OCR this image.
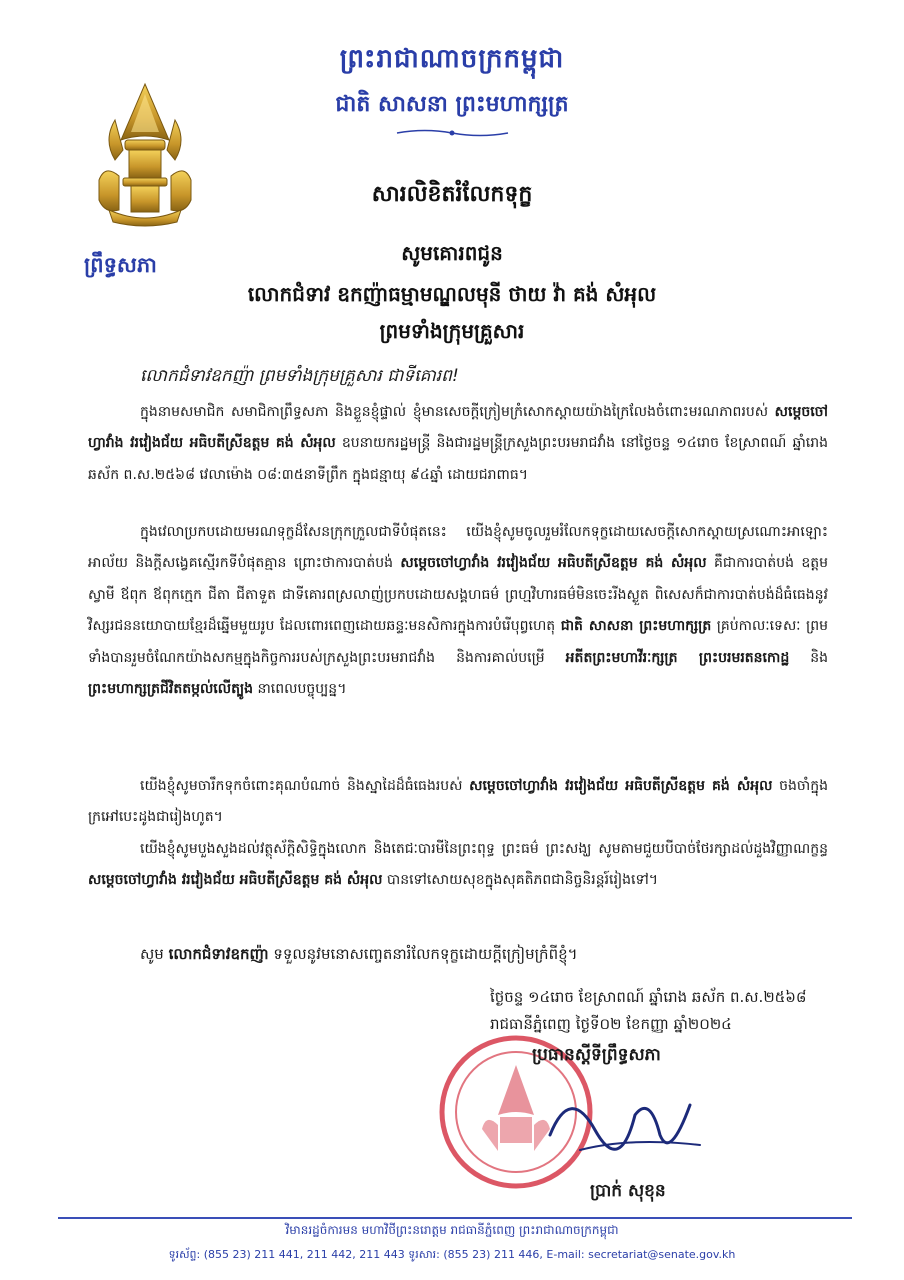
ព្រះរាជាណាចក្រកម្ពុជា
ជាតិ សាសនា ព្រះមហាក្សត្រ
ព្រឹទ្ធសភា
សារលិខិតរំលែកទុក្ខ
សូមគោរពជូន
លោកជំទាវ ឧកញ៉ាធម្មាមណ្ឌលមុនី ថាយ វ៉ា គង់ សំអុល
ព្រមទាំងក្រុមគ្រួសារ
លោកជំទាវឧកញ៉ា ព្រមទាំងក្រុមគ្រួសារ ជាទីគោរព!
ក្នុងនាមសមាជិក សមាជិកាព្រឹទ្ធសភា និងខ្លួនខ្ញុំផ្ទាល់ ខ្ញុំមានសេចក្ដីក្រៀមក្រំសោកស្ដាយយ៉ាងក្រៃលែងចំពោះមរណភាពរបស់ សម្តេចចៅហ្វាវាំង វរវៀងជ័យ អធិបតីស្រីឧត្តម គង់ សំអុល ឧបនាយករដ្ឋមន្ត្រី និងជារដ្ឋមន្ត្រីក្រសួងព្រះបរមរាជវាំង នៅថ្ងៃចន្ទ ១៤រោច ខែស្រាពណ៍ ឆ្នាំរោង ឆស័ក ព.ស.២៥៦៨ វេលាម៉ោង ០៨:៣៥នាទីព្រឹក ក្នុងជន្មាយុ ៩៤ឆ្នាំ ដោយជរាពាធ។
ក្នុងវេលាប្រកបដោយមរណទុក្ខដ៏សែនក្រុកក្រួលជាទីបំផុតនេះ យើងខ្ញុំសូមចូលរួមរំលែកទុក្ខដោយសេចក្ដីសោកស្ដាយស្រណោះអាឡោះអាល័យ និងក្ដីសង្វេគស្មើរកទីបំផុតគ្មាន ព្រោះថាការបាត់បង់ សម្តេចចៅហ្វាវាំង វរវៀងជ័យ អធិបតីស្រីឧត្តម គង់ សំអុល គឺជាការបាត់បង់ ឧត្តមស្វាមី ឪពុក ឪពុកក្មេក ជីតា ជីតាទួត ជាទីគោរពស្រលាញ់ប្រកបដោយសង្គហធម៌ ព្រហ្មវិហារធម៌មិនចេះរីងស្ងួត ពិសេសក៏ជាការបាត់បង់ដ៏ធំធេងនូវវិស្សរជននយោបាយខ្មែរដ៏ឆ្នើមមួយរូប ដែលពោរពេញដោយឆន្ទៈមនសិការក្នុងការបំរើបុព្វហេតុ ជាតិ សាសនា ព្រះមហាក្សត្រ គ្រប់កាលៈទេសៈ ព្រមទាំងបានរួមចំណែកយ៉ាងសកម្មក្នុងកិច្ចការរបស់ក្រសួងព្រះបរមរាជវាំង និងការគាល់បម្រើ អតីតព្រះមហាវីរៈក្សត្រ ព្រះបរមរតនកោដ្ឋ និង ព្រះមហាក្សត្រជីវិតតម្កល់លើត្បូង នាពេលបច្ចុប្បន្ន។
យើងខ្ញុំសូមចារឹកទុកចំពោះគុណបំណាច់ និងស្នាដៃដ៏ធំធេងរបស់ សម្តេចចៅហ្វាវាំង វរវៀងជ័យ អធិបតីស្រីឧត្តម គង់ សំអុល ចងចាំក្នុងក្រអៅបេះដូងជារៀងហូត។
យើងខ្ញុំសូមបួងសួងដល់វត្ថុស័ក្តិសិទ្ធិក្នុងលោក និងតេជៈបារមីនៃព្រះពុទ្ធ ព្រះធម៌ ព្រះសង្ឃ សូមតាមជួយបីបាច់ថែរក្សាដល់ដួងវិញ្ញាណក្ខន្ធ សម្តេចចៅហ្វាវាំង វរវៀងជ័យ អធិបតីស្រីឧត្តម គង់ សំអុល បានទៅសោយសុខក្នុងសុគតិភពជានិច្ចនិរន្តរ៍រៀងទៅ។
សូម លោកជំទាវឧកញ៉ា ទទួលនូវមនោសញ្ចេតនារំលែកទុក្ខដោយក្តីក្រៀមក្រំពីខ្ញុំ។
ថ្ងៃចន្ទ ១៤រោច ខែស្រាពណ៍ ឆ្នាំរោង ឆស័ក ព.ស.២៥៦៨
រាជធានីភ្នំពេញ ថ្ងៃទី០២ ខែកញ្ញា ឆ្នាំ២០២៤
ប្រធានស្ដីទីព្រឹទ្ធសភា
ប្រាក់ សុខុន
វិមានរដ្ឋចំការមន មហាវិថីព្រះនរោត្តម រាជធានីភ្នំពេញ ព្រះរាជាណាចក្រកម្ពុជា
ទូរស័ព្ទ: (855 23) 211 441, 211 442, 211 443 ទូរសារ: (855 23) 211 446, E-mail: secretariat@senate.gov.kh
